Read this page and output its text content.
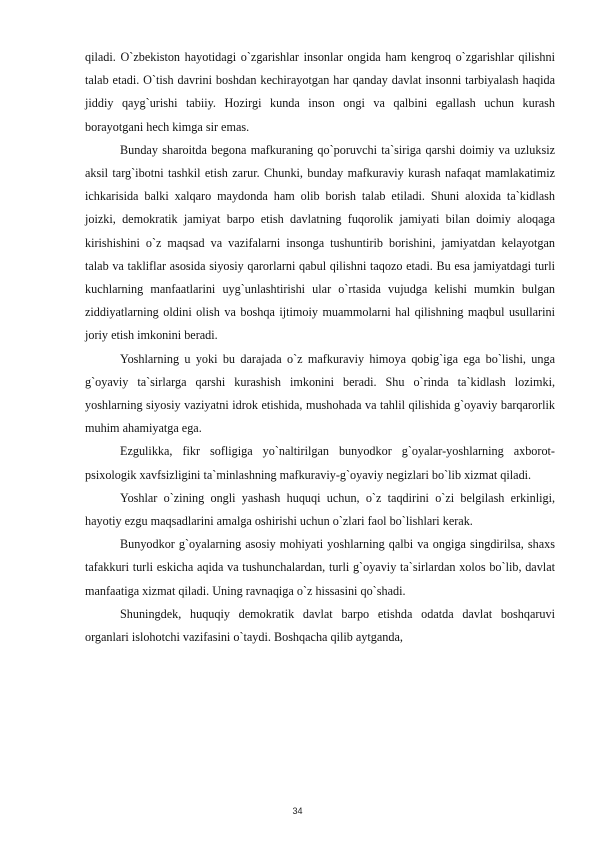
qiladi. O`zbekiston hayotidagi o`zgarishlar insonlar ongida ham kengroq o`zgarishlar qilishni talab etadi. O`tish davrini boshdan kechirayotgan har qanday davlat insonni tarbiyalash haqida jiddiy qayg`urishi tabiiy. Hozirgi kunda inson ongi va qalbini egallash uchun kurash borayotgani hech kimga sir emas.

Bunday sharoitda begona mafkuraning qo`poruvchi ta`siriga qarshi doimiy va uzluksiz aksil targ`ibotni tashkil etish zarur. Chunki, bunday mafkuraviy kurash nafaqat mamlakatimiz ichkarisida balki xalqaro maydonda ham olib borish talab etiladi. Shuni aloxida ta`kidlash joizki, demokratik jamiyat barpo etish davlatning fuqorolik jamiyati bilan doimiy aloqaga kirishishini o`z maqsad va vazifalarni insonga tushuntirib borishini, jamiyatdan kelayotgan talab va takliflar asosida siyosiy qarorlarni qabul qilishni taqozo etadi. Bu esa jamiyatdagi turli kuchlarning manfaatlarini uyg`unlashtirishi ular o`rtasida vujudga kelishi mumkin bulgan ziddiyatlarning oldini olish va boshqa ijtimoiy muammolarni hal qilishning maqbul usullarini joriy etish imkonini beradi.

Yoshlarning u yoki bu darajada o`z mafkuraviy himoya qobig`iga ega bo`lishi, unga g`oyaviy ta`sirlarga qarshi kurashish imkonini beradi. Shu o`rinda ta`kidlash lozimki, yoshlarning siyosiy vaziyatni idrok etishida, mushohada va tahlil qilishida g`oyaviy barqarorlik muhim ahamiyatga ega.

Ezgulikka, fikr sofligiga yo`naltirilgan bunyodkor g`oyalar-yoshlarning axborot-psixologik xavfsizligini ta`minlashning mafkuraviy-g`oyaviy negizlari bo`lib xizmat qiladi.

Yoshlar o`zining ongli yashash huquqi uchun, o`z taqdirini o`zi belgilash erkinligi, hayotiy ezgu maqsadlarini amalga oshirishi uchun o`zlari faol bo`lishlari kerak.

Bunyodkor g`oyalarning asosiy mohiyati yoshlarning qalbi va ongiga singdirilsa, shaxs tafakkuri turli eskicha aqida va tushunchalardan, turli g`oyaviy ta`sirlardan xolos bo`lib, davlat manfaatiga xizmat qiladi. Uning ravnaqiga o`z hissasini qo`shadi.

Shuningdek, huquqiy demokratik davlat barpo etishda odatda davlat boshqaruvi organlari islohotchi vazifasini o`taydi. Boshqacha qilib aytganda,

34
